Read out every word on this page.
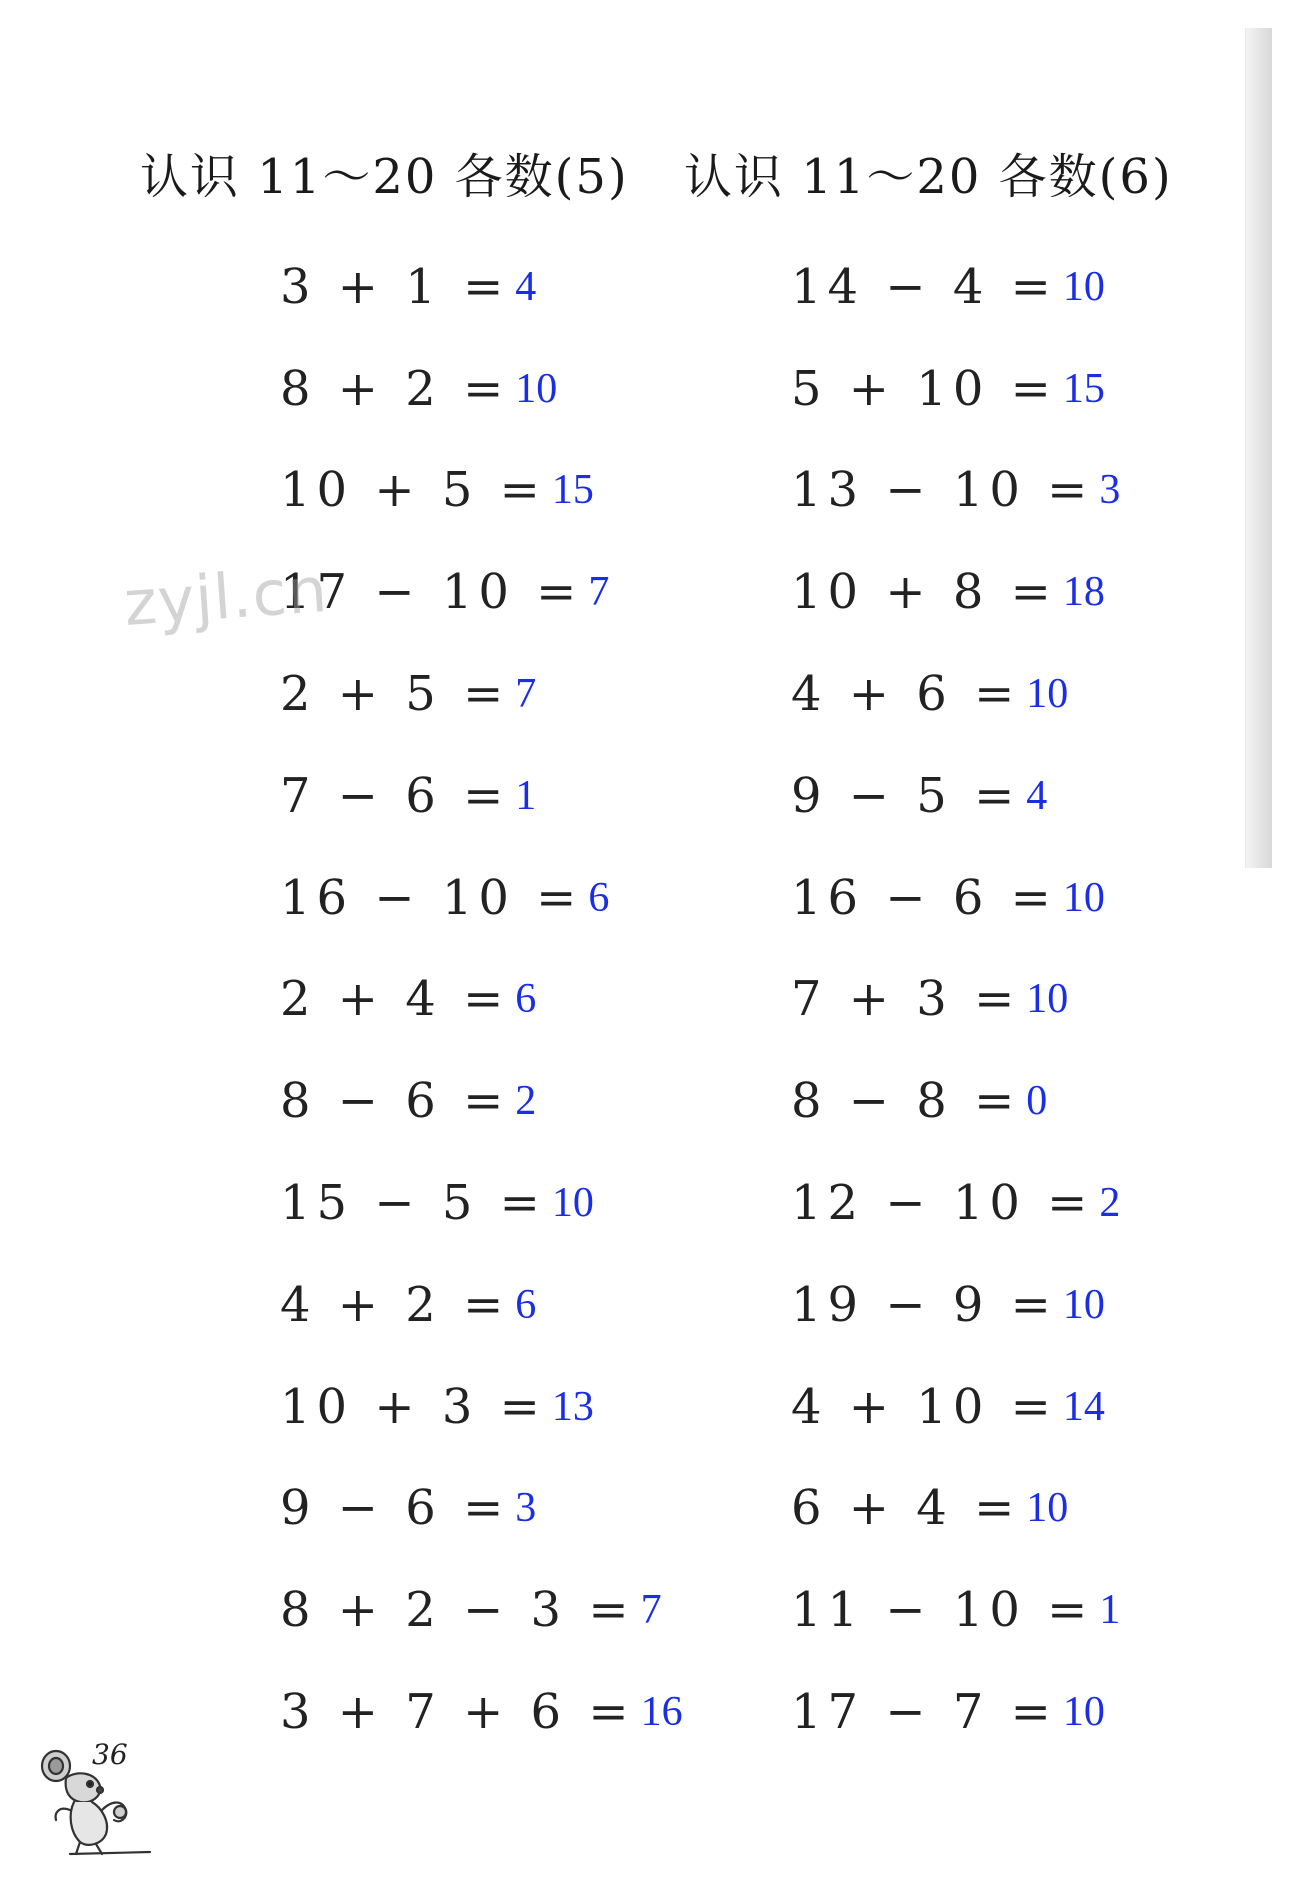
认识 11～20 各数(5) 认识 11～20 各数(6)
3 + 1 = 4
8 + 2 = 10
10 + 5 = 15
17 − 10 = 7
2 + 5 = 7
7 − 6 = 1
16 − 10 = 6
2 + 4 = 6
8 − 6 = 2
15 − 5 = 10
4 + 2 = 6
10 + 3 = 13
9 − 6 = 3
8 + 2 − 3 = 7
3 + 7 + 6 = 16
14 − 4 = 10
5 + 10 = 15
13 − 10 = 3
10 + 8 = 18
4 + 6 = 10
9 − 5 = 4
16 − 6 = 10
7 + 3 = 10
8 − 8 = 0
12 − 10 = 2
19 − 9 = 10
4 + 10 = 14
6 + 4 = 10
11 − 10 = 1
17 − 7 = 10
zyjl.cn
36
